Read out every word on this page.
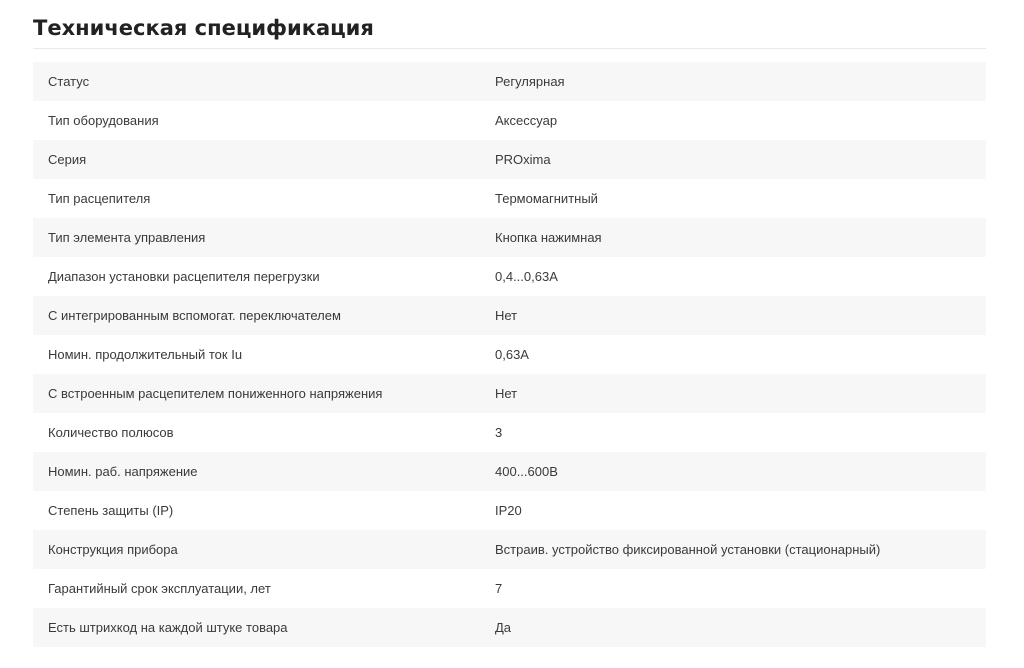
Техническая спецификация
Статус	Регулярная
Тип оборудования	Аксессуар
Серия	PROxima
Тип расцепителя	Термомагнитный
Тип элемента управления	Кнопка нажимная
Диапазон установки расцепителя перегрузки	0,4...0,63А
С интегрированным вспомогат. переключателем	Нет
Номин. продолжительный ток Iu	0,63А
С встроенным расцепителем пониженного напряжения	Нет
Количество полюсов	3
Номин. раб. напряжение	400...600В
Степень защиты (IP)	IP20
Конструкция прибора	Встраив. устройство фиксированной установки (стационарный)
Гарантийный срок эксплуатации, лет	7
Есть штрихкод на каждой штуке товара	Да
